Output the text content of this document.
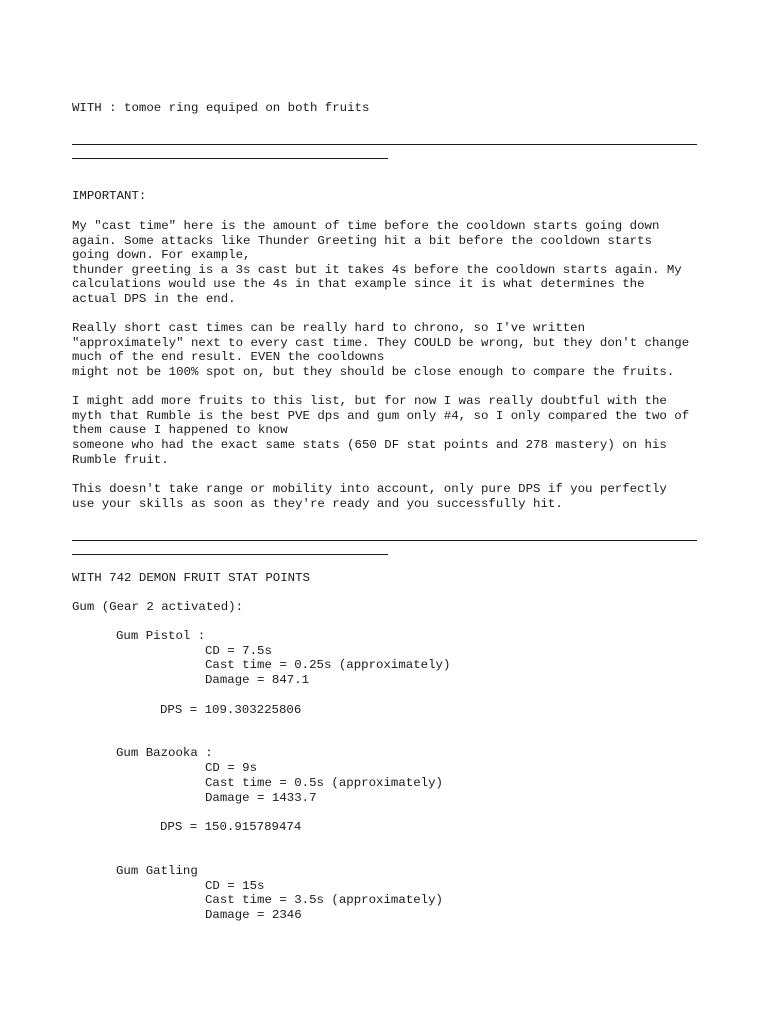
WITH : tomoe ring equiped on both fruits

IMPORTANT:

My "cast time" here is the amount of time before the cooldown starts going down

again. Some attacks like Thunder Greeting hit a bit before the cooldown starts

going down. For example,

thunder greeting is a 3s cast but it takes 4s before the cooldown starts again. My

calculations would use the 4s in that example since it is what determines the

actual DPS in the end.

Really short cast times can be really hard to chrono, so I've written

"approximately" next to every cast time. They COULD be wrong, but they don't change

much of the end result. EVEN the cooldowns

might not be 100% spot on, but they should be close enough to compare the fruits.

I might add more fruits to this list, but for now I was really doubtful with the

myth that Rumble is the best PVE dps and gum only #4, so I only compared the two of

them cause I happened to know

someone who had the exact same stats (650 DF stat points and 278 mastery) on his

Rumble fruit.

This doesn't take range or mobility into account, only pure DPS if you perfectly

use your skills as soon as they're ready and you successfully hit.

WITH 742 DEMON FRUIT STAT POINTS

Gum (Gear 2 activated):

Gum Pistol :

CD = 7.5s

Cast time = 0.25s (approximately)

Damage = 847.1

DPS = 109.303225806

Gum Bazooka :

CD = 9s

Cast time = 0.5s (approximately)

Damage = 1433.7

DPS = 150.915789474

Gum Gatling

CD = 15s

Cast time = 3.5s (approximately)

Damage = 2346
